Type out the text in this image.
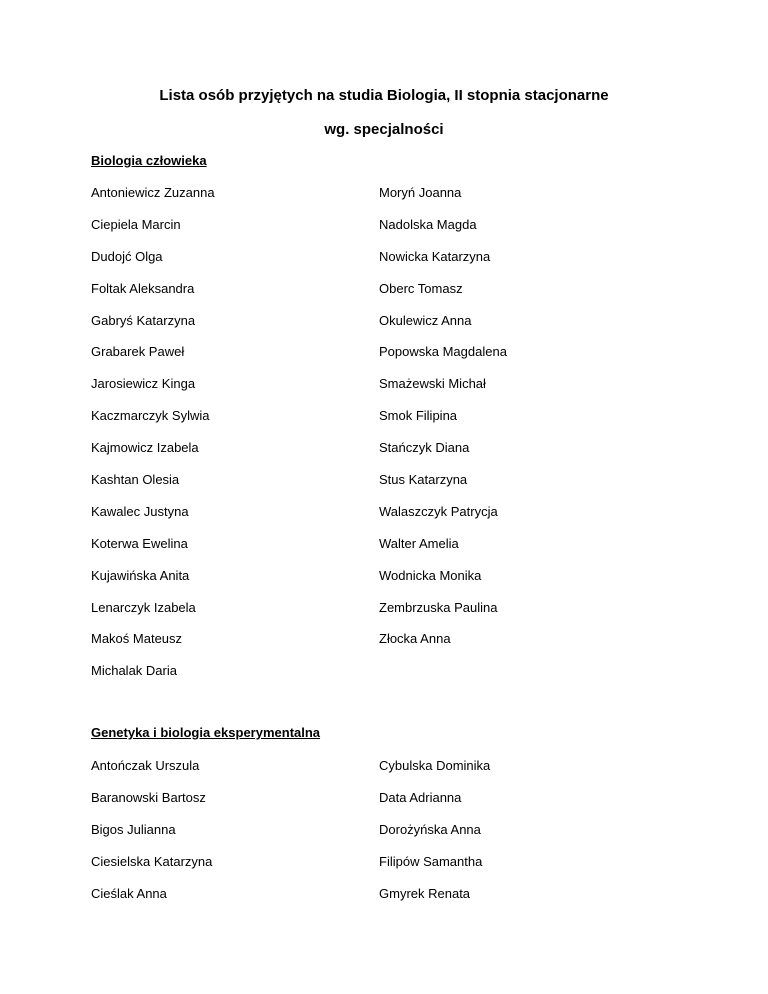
Lista osób przyjętych na studia Biologia, II stopnia stacjonarne

wg. specjalności

Biologia człowieka

Antoniewicz Zuzanna	Moryń Joanna
Ciepiela Marcin	Nadolska Magda
Dudojć Olga	Nowicka Katarzyna
Foltak Aleksandra	Oberc Tomasz
Gabryś Katarzyna	Okulewicz Anna
Grabarek Paweł	Popowska Magdalena
Jarosiewicz Kinga	Smażewski Michał
Kaczmarczyk Sylwia	Smok Filipina
Kajmowicz Izabela	Stańczyk Diana
Kashtan Olesia	Stus Katarzyna
Kawalec Justyna	Walaszczyk Patrycja
Koterwa Ewelina	Walter Amelia
Kujawińska Anita	Wodnicka Monika
Lenarczyk Izabela	Zembrzuska Paulina
Makoś Mateusz	Złocka Anna
Michalak Daria

Genetyka i biologia eksperymentalna

Antończak Urszula	Cybulska Dominika
Baranowski Bartosz	Data Adrianna
Bigos Julianna	Dorożyńska Anna
Ciesielska Katarzyna	Filipów Samantha
Cieślak Anna	Gmyrek Renata
